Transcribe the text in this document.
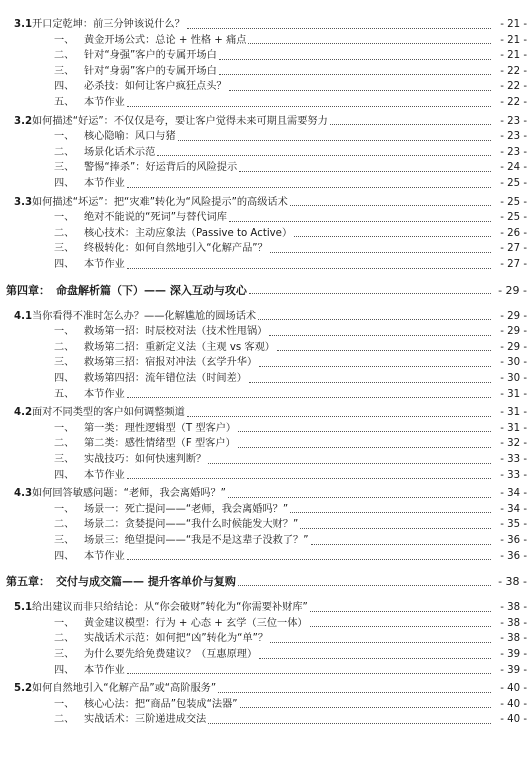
3.1 开口定乾坤：前三分钟该说什么？	- 21 -
一、 黄金开场公式：总论 + 性格 + 痛点	- 21 -
二、 针对“身强”客户的专属开场白	- 21 -
三、 针对“身弱”客户的专属开场白	- 22 -
四、 必杀技：如何让客户疯狂点头？	- 22 -
五、 本节作业	- 22 -
3.2 如何描述“好运”：不仅仅是夸，要让客户觉得未来可期且需要努力	- 23 -
一、 核心隐喻：风口与猪	- 23 -
二、 场景化话术示范	- 23 -
三、 警惕“捧杀”：好运背后的风险提示	- 24 -
四、 本节作业	- 25 -
3.3 如何描述“坏运”：把“灾难”转化为“风险提示”的高级话术	- 25 -
一、 绝对不能说的“死词”与替代词库	- 25 -
二、 核心技术：主动应象法（Passive to Active）	- 26 -
三、 终极转化：如何自然地引入“化解产品”？	- 27 -
四、 本节作业	- 27 -
第四章： 命盘解析篇（下）—— 深入互动与攻心	- 29 -
4.1 当你看得不准时怎么办？——化解尴尬的圆场话术	- 29 -
一、 救场第一招：时辰校对法（技术性甩锅）	- 29 -
二、 救场第二招：重新定义法（主观 vs 客观）	- 29 -
三、 救场第三招：宿报对冲法（玄学升华）	- 30 -
四、 救场第四招：流年错位法（时间差）	- 30 -
五、 本节作业	- 31 -
4.2 面对不同类型的客户如何调整频道	- 31 -
一、 第一类：理性逻辑型（T 型客户）	- 31 -
二、 第二类：感性情绪型（F 型客户）	- 32 -
三、 实战技巧：如何快速判断？	- 33 -
四、 本节作业	- 33 -
4.3 如何回答敏感问题：“老师，我会离婚吗？”	- 34 -
一、 场景一：死亡提问——“老师，我会离婚吗？”	- 34 -
二、 场景二：贪婪提问——“我什么时候能发大财？”	- 35 -
三、 场景三：绝望提问——“我是不是这辈子没救了？”	- 36 -
四、 本节作业	- 36 -
第五章： 交付与成交篇—— 提升客单价与复购	- 38 -
5.1 给出建议而非只给结论：从“你会破财”转化为“你需要补财库”	- 38 -
一、 黄金建议模型：行为 + 心态 + 玄学（三位一体）	- 38 -
二、 实战话术示范：如何把“凶”转化为“单”？	- 38 -
三、 为什么要先给免费建议？（互惠原理）	- 39 -
四、 本节作业	- 39 -
5.2 如何自然地引入“化解产品”或“高阶服务”	- 40 -
一、 核心心法：把“商品”包装成“法器”	- 40 -
二、 实战话术：三阶递进成交法	- 40 -
